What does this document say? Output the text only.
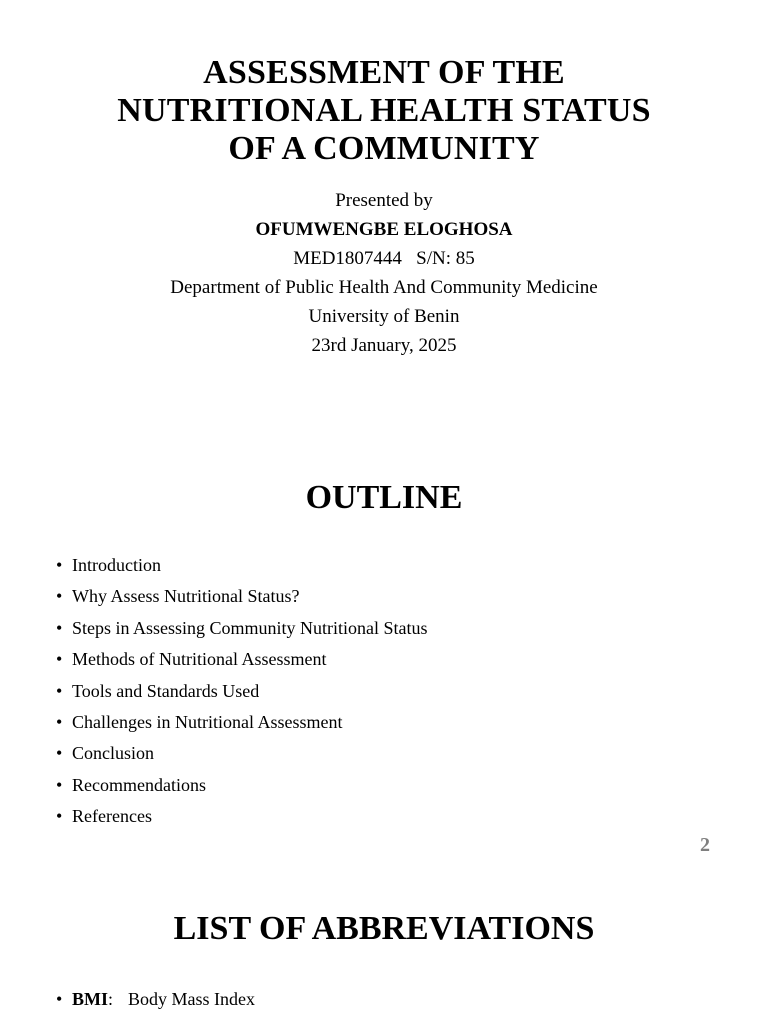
ASSESSMENT OF THE
NUTRITIONAL HEALTH STATUS
OF A COMMUNITY
Presented by
OFUMWENGBE ELOGHOSA
MED1807444   S/N: 85
Department of Public Health And Community Medicine
University of Benin
23rd January, 2025
OUTLINE
• Introduction
• Why Assess Nutritional Status?
• Steps in Assessing Community Nutritional Status
• Methods of Nutritional Assessment
• Tools and Standards Used
• Challenges in Nutritional Assessment
• Conclusion
• Recommendations
• References
2
LIST OF ABBREVIATIONS
• BMI: Body Mass Index
